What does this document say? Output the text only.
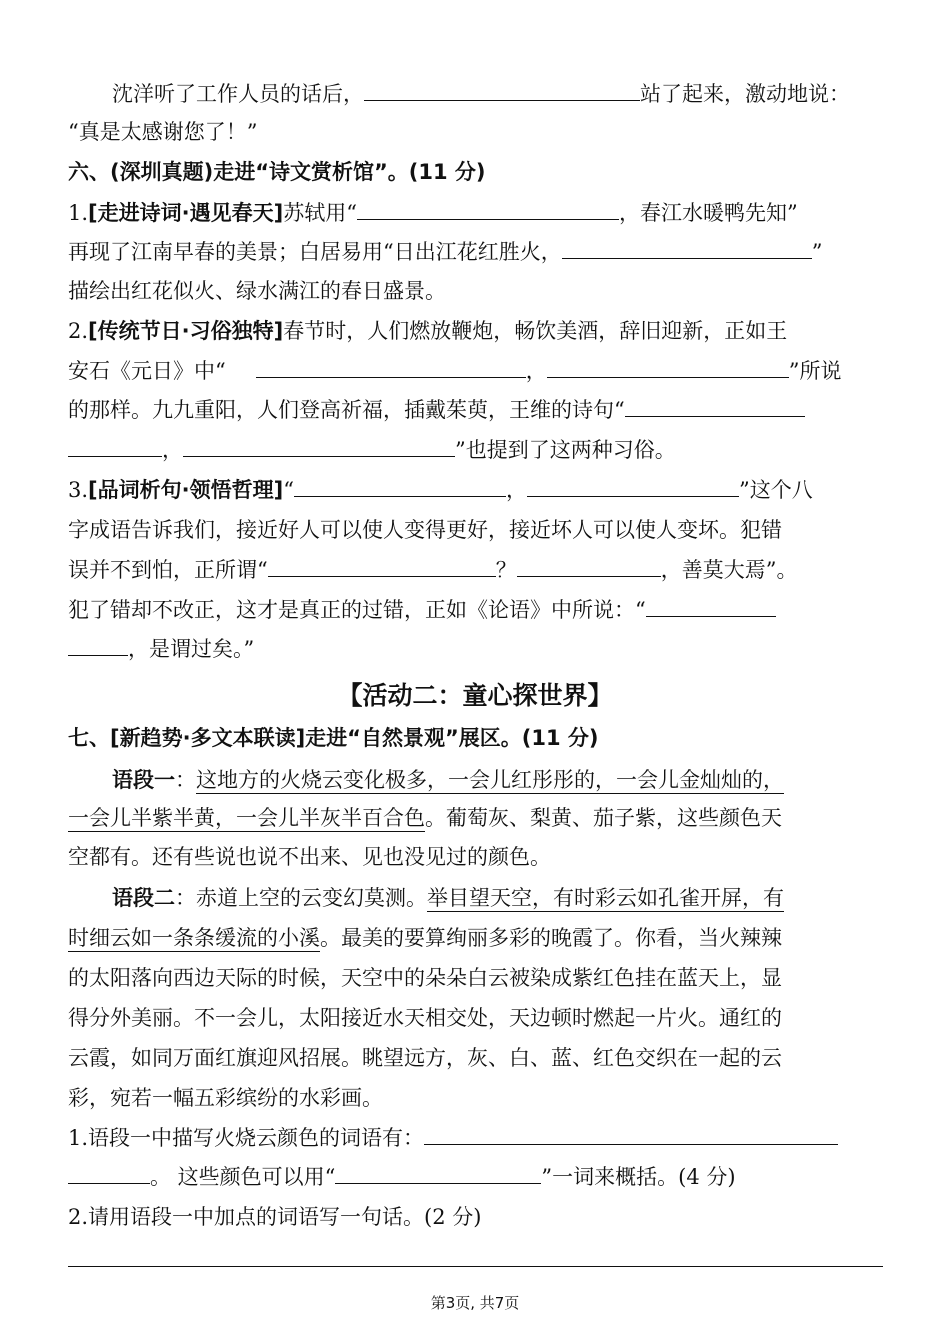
沈洋听了工作人员的话后，	站了起来，激动地说：
“真是太感谢您了！”
六、(深圳真题)走进“诗文赏析馆”。(11 分)
1.[走进诗词·遇见春天]苏轼用“	，春江水暖鸭先知”
再现了江南早春的美景；白居易用“日出江花红胜火，	”
描绘出红花似火、绿水满江的春日盛景。
2.[传统节日·习俗独特]春节时，人们燃放鞭炮，畅饮美酒，辞旧迎新，正如王
安石《元日》中“	，	”所说
的那样。九九重阳，人们登高祈福，插戴茱萸，王维的诗句“
，	”也提到了这两种习俗。
3.[品词析句·领悟哲理]“	，	”这个八
字成语告诉我们，接近好人可以使人变得更好，接近坏人可以使人变坏。犯错
误并不到怕，正所谓“	？	，善莫大焉”。
犯了错却不改正，这才是真正的过错，正如《论语》中所说：“
，是谓过矣。”
【活动二：童心探世界】
七、[新趋势·多文本联读]走进“自然景观”展区。(11 分)
语段一：这地方的火烧云变化极多，一会儿红彤彤的，一会儿金灿灿的，
一会儿半紫半黄，一会儿半灰半百合色。葡萄灰、梨黄、茄子紫，这些颜色天
空都有。还有些说也说不出来、见也没见过的颜色。
语段二：赤道上空的云变幻莫测。举目望天空，有时彩云如孔雀开屏，有
时细云如一条条缓流的小溪。最美的要算绚丽多彩的晚霞了。你看，当火辣辣
的太阳落向西边天际的时候，天空中的朵朵白云被染成紫红色挂在蓝天上，显
得分外美丽。不一会儿，太阳接近水天相交处，天边顿时燃起一片火。通红的
云霞，如同万面红旗迎风招展。眺望远方，灰、白、蓝、红色交织在一起的云
彩，宛若一幅五彩缤纷的水彩画。
1.语段一中描写火烧云颜色的词语有：
。 这些颜色可以用“	”一词来概括。(4 分)
2.请用语段一中加点的词语写一句话。(2 分)
第3页, 共7页
